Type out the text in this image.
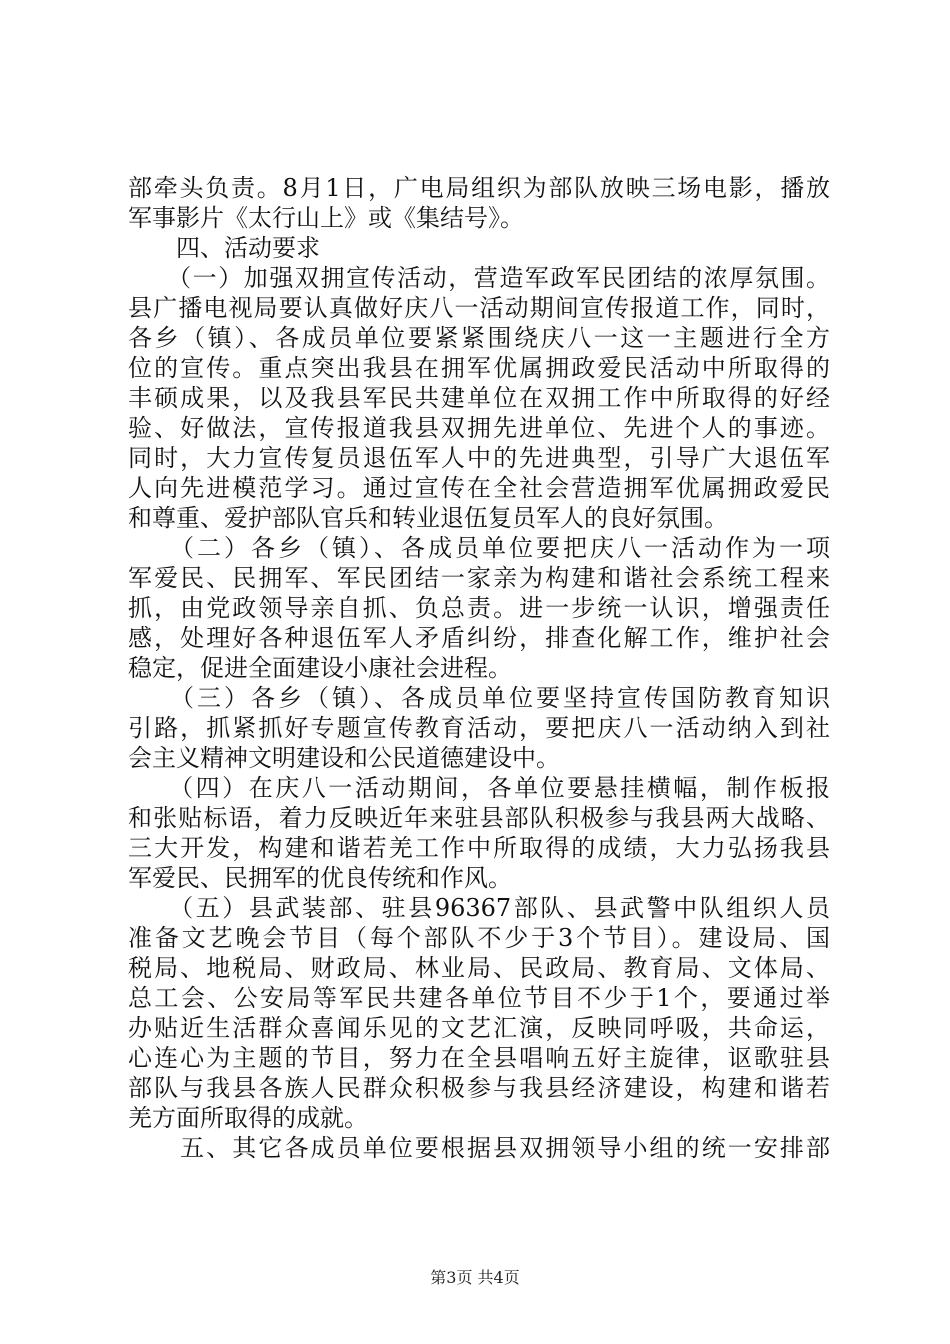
部牵头负责。8月1日，广电局组织为部队放映三场电影，播放
军事影片《太行山上》或《集结号》。
　　四、活动要求
　　（一）加强双拥宣传活动，营造军政军民团结的浓厚氛围。
县广播电视局要认真做好庆八一活动期间宣传报道工作，同时，
各乡（镇）、各成员单位要紧紧围绕庆八一这一主题进行全方
位的宣传。重点突出我县在拥军优属拥政爱民活动中所取得的
丰硕成果，以及我县军民共建单位在双拥工作中所取得的好经
验、好做法，宣传报道我县双拥先进单位、先进个人的事迹。
同时，大力宣传复员退伍军人中的先进典型，引导广大退伍军
人向先进模范学习。通过宣传在全社会营造拥军优属拥政爱民
和尊重、爱护部队官兵和转业退伍复员军人的良好氛围。
　　（二）各乡（镇）、各成员单位要把庆八一活动作为一项
军爱民、民拥军、军民团结一家亲为构建和谐社会系统工程来
抓，由党政领导亲自抓、负总责。进一步统一认识，增强责任
感，处理好各种退伍军人矛盾纠纷，排查化解工作，维护社会
稳定，促进全面建设小康社会进程。
　　（三）各乡（镇）、各成员单位要坚持宣传国防教育知识
引路，抓紧抓好专题宣传教育活动，要把庆八一活动纳入到社
会主义精神文明建设和公民道德建设中。
　　（四）在庆八一活动期间，各单位要悬挂横幅，制作板报
和张贴标语，着力反映近年来驻县部队积极参与我县两大战略、
三大开发，构建和谐若羌工作中所取得的成绩，大力弘扬我县
军爱民、民拥军的优良传统和作风。
　　（五）县武装部、驻县96367部队、县武警中队组织人员
准备文艺晚会节目（每个部队不少于3个节目）。建设局、国
税局、地税局、财政局、林业局、民政局、教育局、文体局、
总工会、公安局等军民共建各单位节目不少于1个，要通过举
办贴近生活群众喜闻乐见的文艺汇演，反映同呼吸，共命运，
心连心为主题的节目，努力在全县唱响五好主旋律，讴歌驻县
部队与我县各族人民群众积极参与我县经济建设，构建和谐若
羌方面所取得的成就。
　　五、其它各成员单位要根据县双拥领导小组的统一安排部
第3页 共4页
